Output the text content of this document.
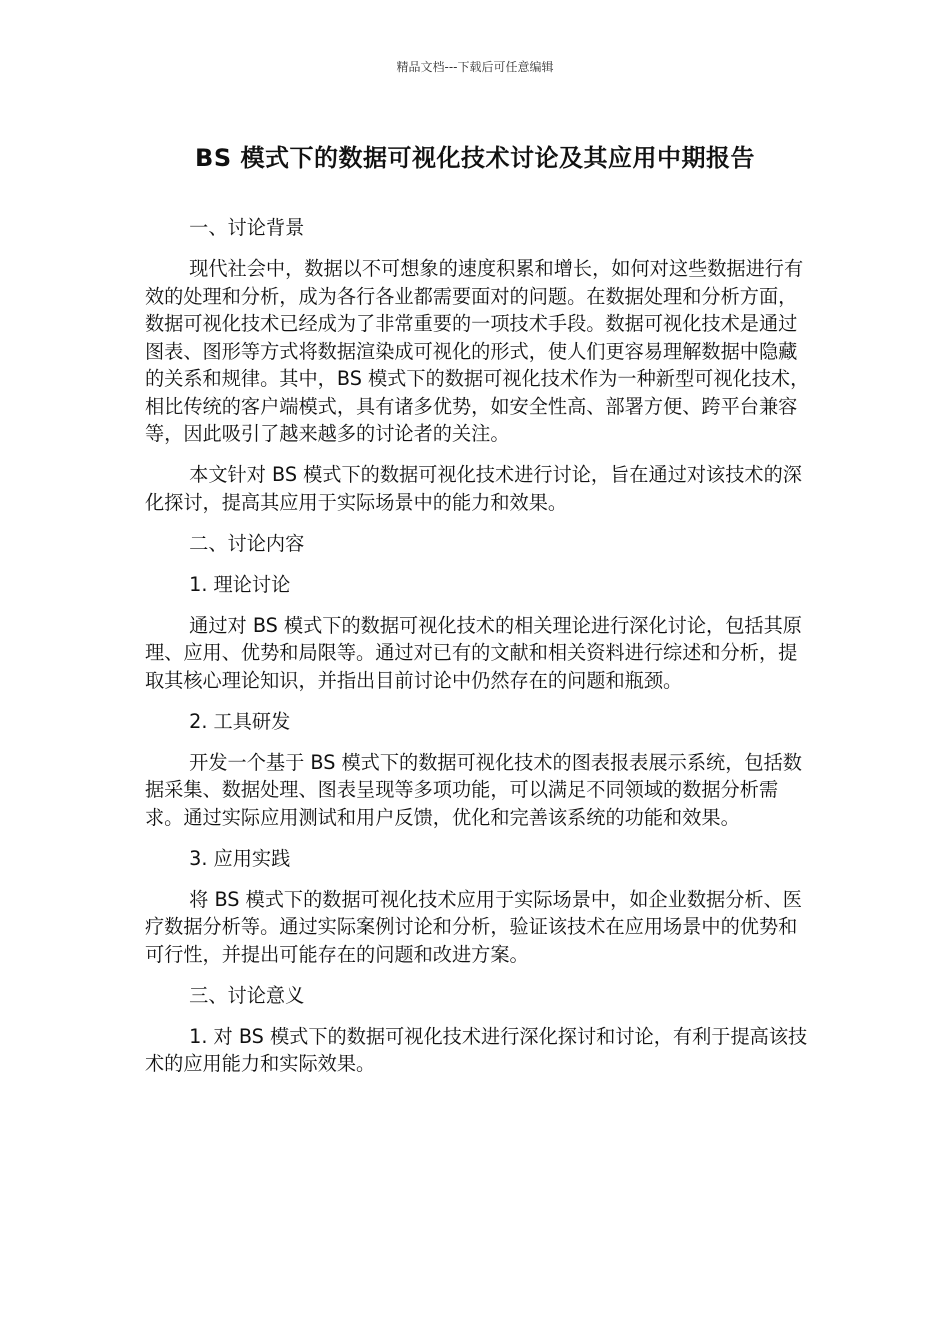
精品文档---下载后可任意编辑
BS 模式下的数据可视化技术讨论及其应用中期报告

一、讨论背景

现代社会中，数据以不可想象的速度积累和增长，如何对这些数据进行有效的处理和分析，成为各行各业都需要面对的问题。在数据处理和分析方面，数据可视化技术已经成为了非常重要的一项技术手段。数据可视化技术是通过图表、图形等方式将数据渲染成可视化的形式，使人们更容易理解数据中隐藏的关系和规律。其中，BS 模式下的数据可视化技术作为一种新型可视化技术，相比传统的客户端模式，具有诸多优势，如安全性高、部署方便、跨平台兼容等，因此吸引了越来越多的讨论者的关注。

本文针对 BS 模式下的数据可视化技术进行讨论，旨在通过对该技术的深化探讨，提高其应用于实际场景中的能力和效果。

二、讨论内容

1. 理论讨论

通过对 BS 模式下的数据可视化技术的相关理论进行深化讨论，包括其原理、应用、优势和局限等。通过对已有的文献和相关资料进行综述和分析，提取其核心理论知识，并指出目前讨论中仍然存在的问题和瓶颈。

2. 工具研发

开发一个基于 BS 模式下的数据可视化技术的图表报表展示系统，包括数据采集、数据处理、图表呈现等多项功能，可以满足不同领域的数据分析需求。通过实际应用测试和用户反馈，优化和完善该系统的功能和效果。

3. 应用实践

将 BS 模式下的数据可视化技术应用于实际场景中，如企业数据分析、医疗数据分析等。通过实际案例讨论和分析，验证该技术在应用场景中的优势和可行性，并提出可能存在的问题和改进方案。

三、讨论意义

1. 对 BS 模式下的数据可视化技术进行深化探讨和讨论，有利于提高该技术的应用能力和实际效果。
